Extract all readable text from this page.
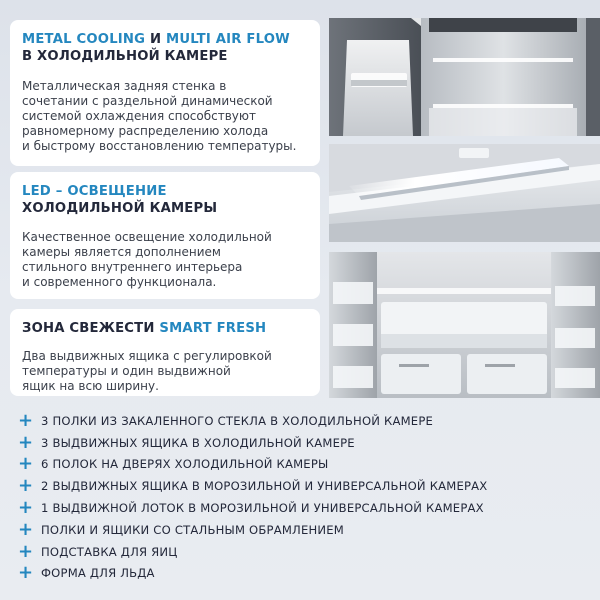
METAL COOLING И MULTI AIR FLOW
В ХОЛОДИЛЬНОЙ КАМЕРЕ
Металлическая задняя стенка в
сочетании с раздельной динамической
системой охлаждения способствуют
равномерному распределению холода
и быстрому восстановлению температуры.
LED – ОСВЕЩЕНИЕ
ХОЛОДИЛЬНОЙ КАМЕРЫ
Качественное освещение холодильной
камеры является дополнением
стильного внутреннего интерьера
и современного функционала.
ЗОНА СВЕЖЕСТИ SMART FRESH
Два выдвижных ящика с регулировкой
температуры и один выдвижной
ящик на всю ширину.
+ 3 ПОЛКИ ИЗ ЗАКАЛЕННОГО СТЕКЛА В ХОЛОДИЛЬНОЙ КАМЕРЕ
+ 3 ВЫДВИЖНЫХ ЯЩИКА В ХОЛОДИЛЬНОЙ КАМЕРЕ
+ 6 ПОЛОК НА ДВЕРЯХ ХОЛОДИЛЬНОЙ КАМЕРЫ
+ 2 ВЫДВИЖНЫХ ЯЩИКА В МОРОЗИЛЬНОЙ И УНИВЕРСАЛЬНОЙ КАМЕРАХ
+ 1 ВЫДВИЖНОЙ ЛОТОК В МОРОЗИЛЬНОЙ И УНИВЕРСАЛЬНОЙ КАМЕРАХ
+ ПОЛКИ И ЯЩИКИ СО СТАЛЬНЫМ ОБРАМЛЕНИЕМ
+ ПОДСТАВКА ДЛЯ ЯИЦ
+ ФОРМА ДЛЯ ЛЬДА
